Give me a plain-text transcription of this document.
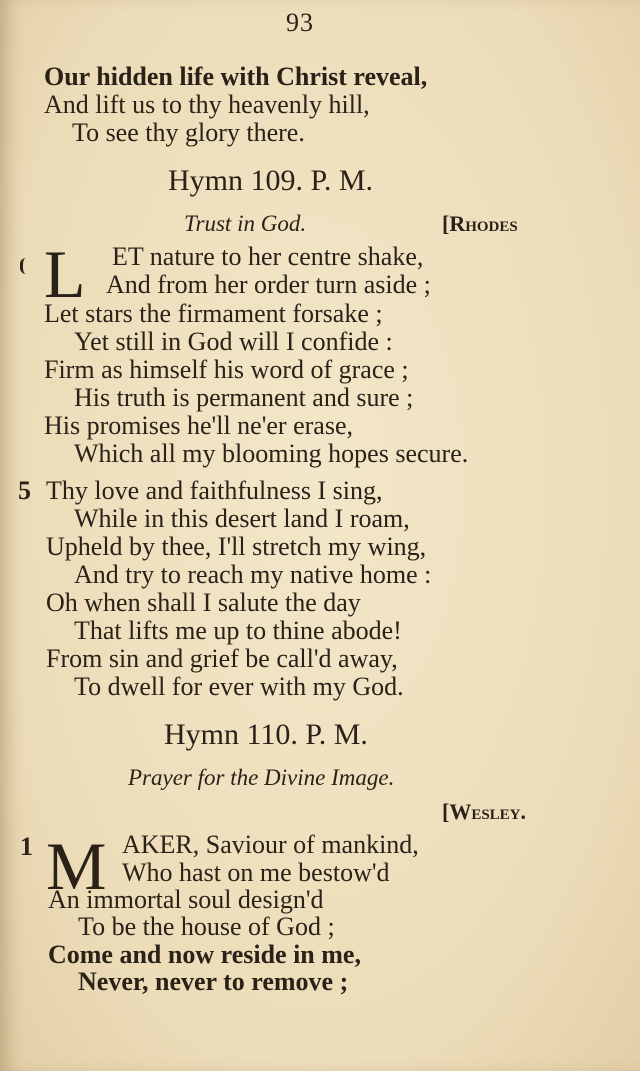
93
Our hidden life with Christ reveal,
And lift us to thy heavenly hill,
To see thy glory there.
Hymn 109. P. M.
Trust in God.	[Rhodes
L ET nature to her centre shake,
And from her order turn aside ;
Let stars the firmament forsake ;
Yet still in God will I confide :
Firm as himself his word of grace ;
His truth is permanent and sure ;
His promises he'll ne'er erase,
Which all my blooming hopes secure.
5 Thy love and faithfulness I sing,
While in this desert land I roam,
Upheld by thee, I'll stretch my wing,
And try to reach my native home :
Oh when shall I salute the day
That lifts me up to thine abode!
From sin and grief be call'd away,
To dwell for ever with my God.
Hymn 110. P. M.
Prayer for the Divine Image.
[Wesley.
1 M AKER, Saviour of mankind,
Who hast on me bestow'd
An immortal soul design'd
To be the house of God ;
Come and now reside in me,
Never, never to remove ;
